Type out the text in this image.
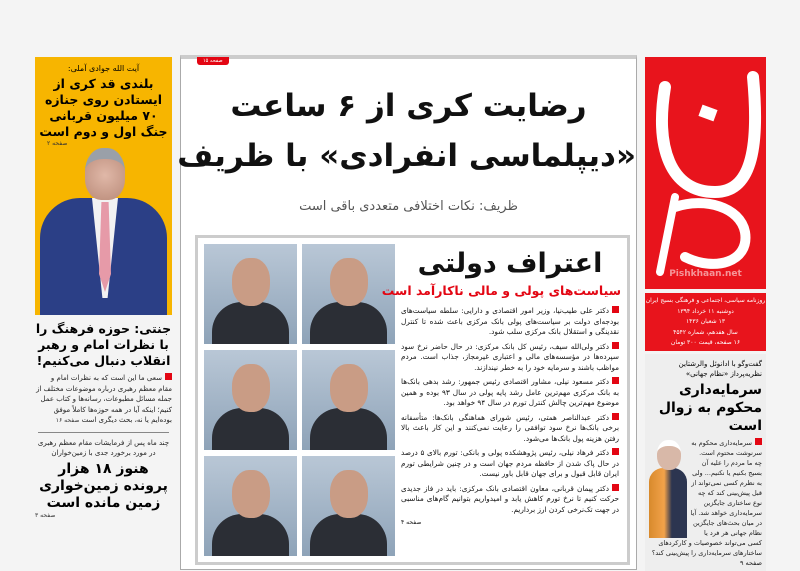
آیت الله جوادی آملی:
بلندی قد کری از ایستادن روی جنازه ۷۰ میلیون قربانی جنگ اول و دوم است
صفحه ۲
جنتی: حوزه فرهنگ را با نظرات امام و رهبر انقلاب دنبال می‌کنیم!
سعی ما این است که به نظرات امام و مقام معظم رهبری درباره موضوعات مختلف از جمله مسائل مطبوعات، رسانه‌ها و کتاب عمل کنیم؛ اینکه آیا در همه حوزه‌ها کاملاً موفق بوده‌ایم یا نه، بحث دیگری است صفحه ۱۶
چند ماه پس از فرمایشات مقام معظم رهبری در مورد برخورد جدی با زمین‌خواران
هنوز ۱۸ هزار پرونده زمین‌خواری زمین مانده است
صفحه ۳
صفحه ۱۵
رضایت کری از ۶ ساعت
«دیپلماسی انفرادی» با ظریف
ظریف: نکات اختلافی متعددی باقی است
اعتراف دولتی
سیاست‌های پولی و مالی ناکارآمد است

دکتر علی طیب‌نیا، وزیر امور اقتصادی و دارایی: سلطه سیاست‌های بودجه‌ای دولت بر سیاست‌های پولی بانک مرکزی باعث شده تا کنترل نقدینگی و استقلال بانک مرکزی سلب شود.

دکتر ولی‌الله سیف، رئیس کل بانک مرکزی: در حال حاضر نرخ سود سپرده‌ها در مؤسسه‌های مالی و اعتباری غیرمجاز، جذاب است. مردم مواظب باشند و سرمایه خود را به خطر نیندازند.

دکتر مسعود نیلی، مشاور اقتصادی رئیس جمهور: رشد بدهی بانک‌ها به بانک مرکزی مهم‌ترین عامل رشد پایه پولی در سال ۹۳ بوده و همین موضوع مهم‌ترین چالش کنترل تورم در سال ۹۴ خواهد بود.

دکتر عبدالناصر همتی، رئیس شورای هماهنگی بانک‌ها: متأسفانه برخی بانک‌ها نرخ سود توافقی را رعایت نمی‌کنند و این کار باعث بالا رفتن هزینه پول بانک‌ها می‌شود.

دکتر فرهاد نیلی، رئیس پژوهشکده پولی و بانکی: تورم بالای ۵ درصد در حال پاک شدن از حافظه مردم جهان است و در چنین شرایطی تورم ایران قابل قبول و برای جهان قابل باور نیست.

دکتر پیمان قربانی، معاون اقتصادی بانک مرکزی: باید در فاز جدیدی حرکت کنیم تا نرخ تورم کاهش یابد و امیدواریم بتوانیم گام‌های مناسبی در جهت تک‌نرخی کردن ارز برداریم.

صفحه ۴
Pishkhaan.net
روزنامه سیاسی، اجتماعی و فرهنگی بسیج ایران
دوشنبه ۱۱ خرداد ۱۳۹۴
۱۳ شعبان ۱۴۳۶
سال هفدهم، شماره ۴۵۴۲
۱۶ صفحه، قیمت ۳۰۰ تومان
گفت‌وگو با ادانوئل والرشتاین نظریه‌پرداز «نظام جهانی»
سرمایه‌داری محکوم به زوال است
سرمایه‌داری محکوم به سرنوشت محتوم است. چه ما مردم را علیه آن بسیج بکنیم یا نکنیم... ولی به نظرم کسی نمی‌تواند از قبل پیش‌بینی کند که چه نوع ساختاری جایگزین سرمایه‌داری خواهد شد. آیا در میان بحث‌های جایگزین نظام جهانی هر فرد یا کسی می‌تواند خصوصیات و کارکردهای ساختارهای سرمایه‌داری را پیش‌بینی کند؟ صفحه ۹
